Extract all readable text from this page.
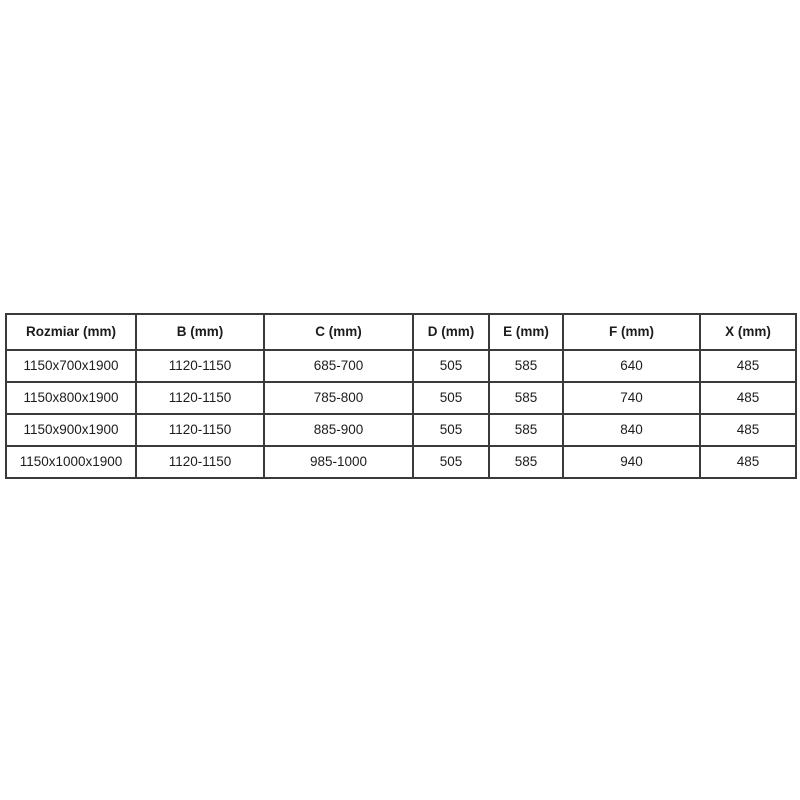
Rozmiar (mm)	B (mm)	C (mm)	D (mm)	E (mm)	F (mm)	X (mm)
1150x700x1900	1120-1150	685-700	505	585	640	485
1150x800x1900	1120-1150	785-800	505	585	740	485
1150x900x1900	1120-1150	885-900	505	585	840	485
1150x1000x1900	1120-1150	985-1000	505	585	940	485
